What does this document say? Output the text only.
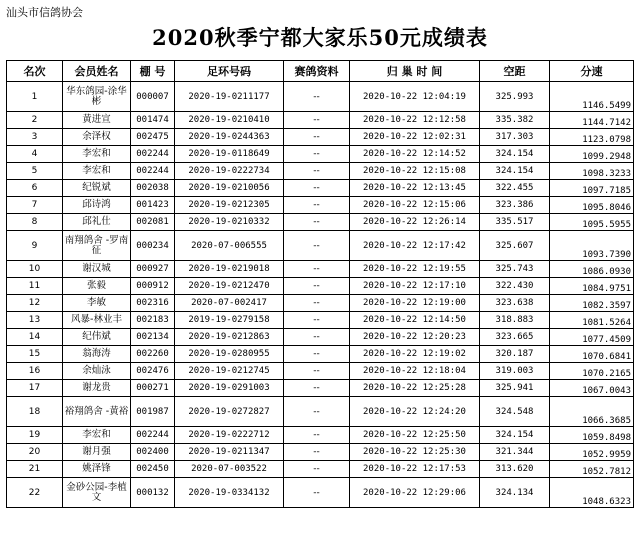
汕头市信鸽协会
2020秋季宁都大家乐50元成绩表
名次	会员姓名	棚 号	足环号码	赛鸽资料	归 巢 时 间	空距	分速
1	华东鸽园-涂华彬	000007	2020-19-0211177	--	2020-10-22 12:04:19	325.993	1146.5499
2	黄进宣	001474	2020-19-0210410	--	2020-10-22 12:12:58	335.382	1144.7142
3	余泽权	002475	2020-19-0244363	--	2020-10-22 12:02:31	317.303	1123.0798
4	李宏和	002244	2020-19-0118649	--	2020-10-22 12:14:52	324.154	1099.2948
5	李宏和	002244	2020-19-0222734	--	2020-10-22 12:15:08	324.154	1098.3233
6	纪锐斌	002038	2020-19-0210056	--	2020-10-22 12:13:45	322.455	1097.7185
7	邱诗鸿	001423	2020-19-0212305	--	2020-10-22 12:15:06	323.386	1095.8046
8	邱礼仕	002081	2020-19-0210332	--	2020-10-22 12:26:14	335.517	1095.5955
9	南翔鸽舍 -罗南征	000234	2020-07-006555	--	2020-10-22 12:17:42	325.607	1093.7390
10	谢汉城	000927	2020-19-0219018	--	2020-10-22 12:19:55	325.743	1086.0930
11	张毅	000912	2020-19-0212470	--	2020-10-22 12:17:10	322.430	1084.9751
12	李敏	002316	2020-07-002417	--	2020-10-22 12:19:00	323.638	1082.3597
13	风暴-林业丰	002183	2019-19-0279158	--	2020-10-22 12:14:50	318.883	1081.5264
14	纪伟斌	002134	2020-19-0212863	--	2020-10-22 12:20:23	323.665	1077.4509
15	翁海涛	002260	2020-19-0280955	--	2020-10-22 12:19:02	320.187	1070.6841
16	余灿泳	002476	2020-19-0212745	--	2020-10-22 12:18:04	319.003	1070.2165
17	谢龙贵	000271	2020-19-0291003	--	2020-10-22 12:25:28	325.941	1067.0043
18	裕翔鸽舍 -黄裕	001987	2020-19-0272827	--	2020-10-22 12:24:20	324.548	1066.3685
19	李宏和	002244	2020-19-0222712	--	2020-10-22 12:25:50	324.154	1059.8498
20	谢月强	002400	2020-19-0211347	--	2020-10-22 12:25:30	321.344	1052.9959
21	姚泽锋	002450	2020-07-003522	--	2020-10-22 12:17:53	313.620	1052.7812
22	金砂公园-李植文	000132	2020-19-0334132	--	2020-10-22 12:29:06	324.134	1048.6323
